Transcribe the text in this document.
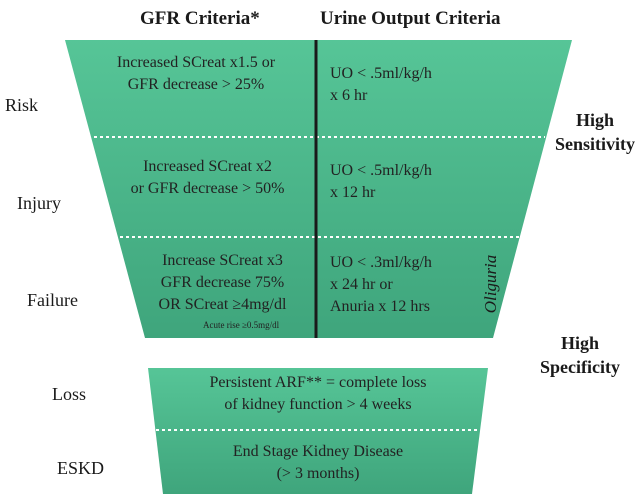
GFR Criteria*	Urine Output Criteria
Risk
Injury
Failure
Loss
ESKD
Increased SCreat x1.5 or
GFR decrease > 25%
UO < .5ml/kg/h
x 6 hr
Increased SCreat x2
or GFR decrease > 50%
UO < .5ml/kg/h
x 12 hr
Increase SCreat x3
GFR decrease 75%
OR SCreat ≥4mg/dl
Acute rise ≥0.5mg/dl
UO < .3ml/kg/h
x 24 hr or
Anuria x 12 hrs	Oliguria
Persistent ARF** = complete loss
of kidney function > 4 weeks
End Stage Kidney Disease
(> 3 months)
High
Sensitivity
High
Specificity
